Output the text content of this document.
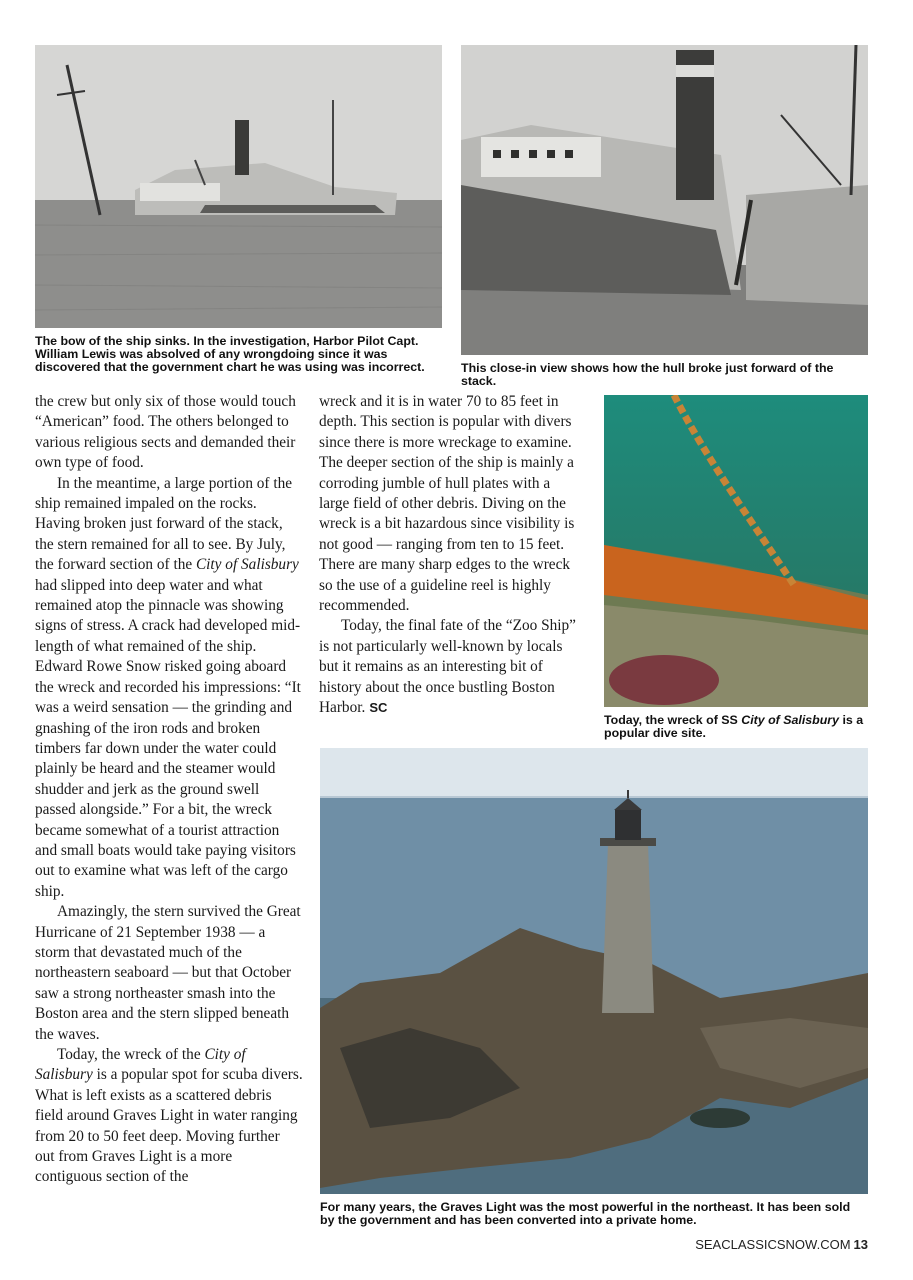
The bow of the ship sinks. In the investigation, Harbor Pilot Capt. William Lewis was absolved of any wrongdoing since it was discovered that the government chart he was using was incorrect.	This close-in view shows how the hull broke just forward of the stack.

the crew but only six of those would touch “American” food. The others belonged to various religious sects and demanded their own type of food.

In the meantime, a large portion of the ship remained impaled on the rocks. Having broken just forward of the stack, the stern remained for all to see. By July, the forward section of the City of Salisbury had slipped into deep water and what remained atop the pinnacle was showing signs of stress. A crack had developed mid-length of what remained of the ship. Edward Rowe Snow risked going aboard the wreck and recorded his impressions: “It was a weird sensation — the grinding and gnashing of the iron rods and broken timbers far down under the water could plainly be heard and the steamer would shudder and jerk as the ground swell passed alongside.” For a bit, the wreck became somewhat of a tourist attraction and small boats would take paying visitors out to examine what was left of the cargo ship.

Amazingly, the stern survived the Great Hurricane of 21 September 1938 — a storm that devastated much of the northeastern seaboard — but that October saw a strong northeaster smash into the Boston area and the stern slipped beneath the waves.

Today, the wreck of the City of Salisbury is a popular spot for scuba divers. What is left exists as a scattered debris field around Graves Light in water ranging from 20 to 50 feet deep. Moving further out from Graves Light is a more contiguous section of the

wreck and it is in water 70 to 85 feet in depth. This section is popular with divers since there is more wreckage to examine. The deeper section of the ship is mainly a corroding jumble of hull plates with a large field of other debris. Diving on the wreck is a bit hazardous since visibility is not good — ranging from ten to 15 feet. There are many sharp edges to the wreck so the use of a guideline reel is highly recommended.

Today, the final fate of the “Zoo Ship” is not particularly well-known by locals but it remains as an interesting bit of history about the once bustling Boston Harbor. SC

Today, the wreck of SS City of Salisbury is a popular dive site.
For many years, the Graves Light was the most powerful in the northeast. It has been sold by the government and has been converted into a private home.
SEACLASSICSNOW.COM 13
